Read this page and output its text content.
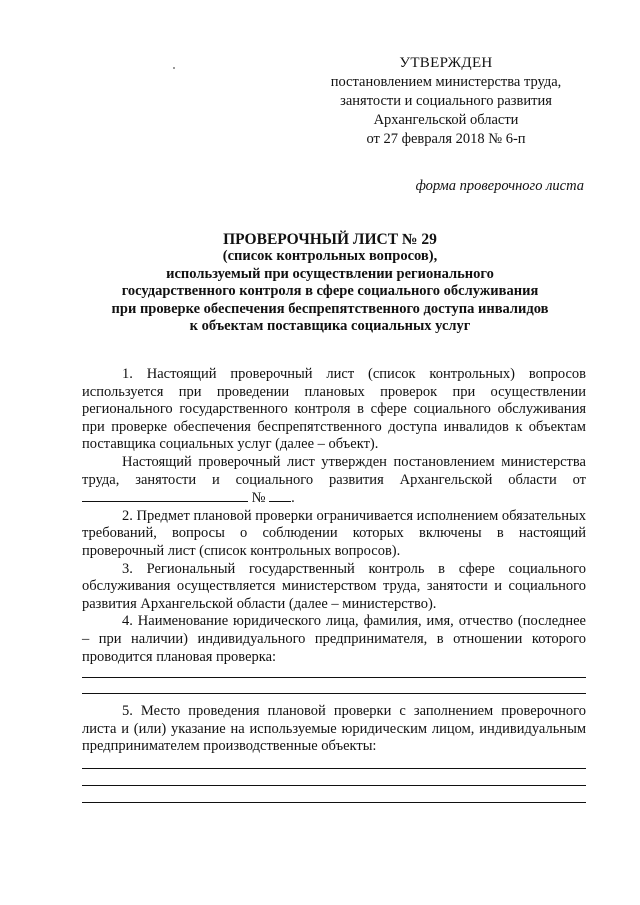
УТВЕРЖДЕН
постановлением министерства труда,
занятости и социального развития
Архангельской области
от 27 февраля 2018 № 6-п
форма проверочного листа
ПРОВЕРОЧНЫЙ ЛИСТ № 29
(список контрольных вопросов),
используемый при осуществлении регионального
государственного контроля в сфере социального обслуживания
при проверке обеспечения беспрепятственного доступа инвалидов
к объектам поставщика социальных услуг

1. Настоящий проверочный лист (список контрольных) вопросов используется при проведении плановых проверок при осуществлении регионального государственного контроля в сфере социального обслуживания при проверке обеспечения беспрепятственного доступа инвалидов к объектам поставщика социальных услуг (далее – объект).

Настоящий проверочный лист утвержден постановлением министерства труда, занятости и социального развития Архангельской области от  № .

2. Предмет плановой проверки ограничивается исполнением обязательных требований, вопросы о соблюдении которых включены в настоящий проверочный лист (список контрольных вопросов).

3. Региональный государственный контроль в сфере социального обслуживания осуществляется министерством труда, занятости и социального развития Архангельской области (далее – министерство).

4. Наименование юридического лица, фамилия, имя, отчество (последнее – при наличии) индивидуального предпринимателя, в отношении которого проводится плановая проверка:

5. Место проведения плановой проверки с заполнением проверочного листа и (или) указание на используемые юридическим лицом, индивидуальным предпринимателем производственные объекты:
